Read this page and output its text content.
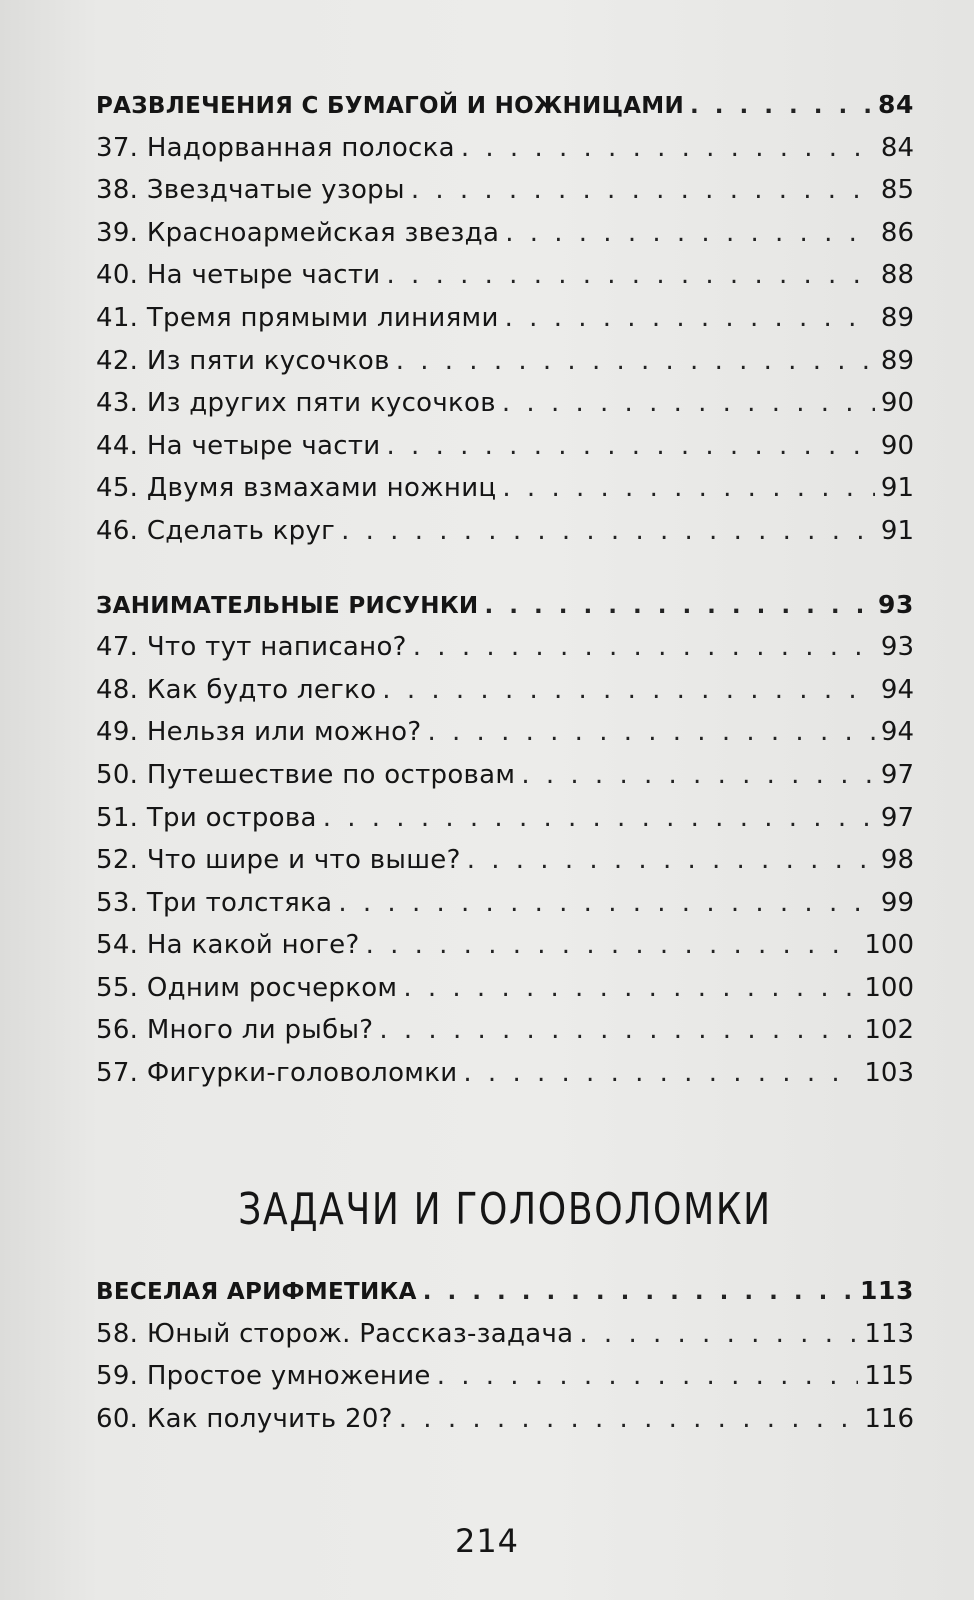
РАЗВЛЕЧЕНИЯ С БУМАГОЙ И НОЖНИЦАМИ . . .	84
37. Надорванная полоска . . .	84
38. Звездчатые узоры . . .	85
39. Красноармейская звезда . . .	86
40. На четыре части . . .	88
41. Тремя прямыми линиями . . .	89
42. Из пяти кусочков . . .	89
43. Из других пяти кусочков . . .	90
44. На четыре части . . .	90
45. Двумя взмахами ножниц . . .	91
46. Сделать круг . . .	91
ЗАНИМАТЕЛЬНЫЕ РИСУНКИ . . .	93
47. Что тут написано? . . .	93
48. Как будто легко . . .	94
49. Нельзя или можно? . . .	94
50. Путешествие по островам . . .	97
51. Три острова . . .	97
52. Что шире и что выше? . . .	98
53. Три толстяка . . .	99
54. На какой ноге? . . .	100
55. Одним росчерком . . .	100
56. Много ли рыбы? . . .	102
57. Фигурки-головоломки . . .	103
ЗАДАЧИ И ГОЛОВОЛОМКИ
ВЕСЕЛАЯ АРИФМЕТИКА . . .	113
58. Юный сторож. Рассказ-задача . . .	113
59. Простое умножение . . .	115
60. Как получить 20? . . .	116
214
